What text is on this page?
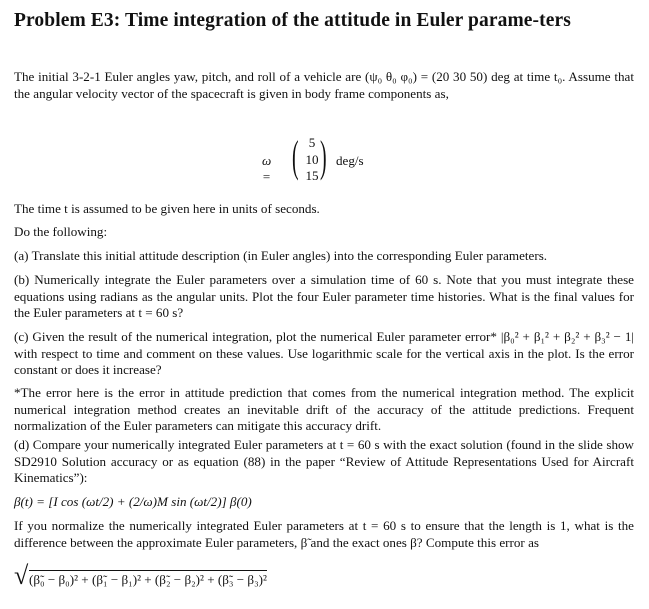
Problem E3: Time integration of the attitude in Euler parame-ters
The initial 3-2-1 Euler angles yaw, pitch, and roll of a vehicle are (ψ₀ θ₀ φ₀) = (20 30 50) deg at time t₀. Assume that the angular velocity vector of the spacecraft is given in body frame components as,
ω = ( 5
10
15 ) deg/s
The time t is assumed to be given here in units of seconds.
Do the following:
(a) Translate this initial attitude description (in Euler angles) into the corresponding Euler parameters.
(b) Numerically integrate the Euler parameters over a simulation time of 60 s. Note that you must integrate these equations using radians as the angular units. Plot the four Euler parameter time histories. What is the final values for the Euler parameters at t = 60 s?
(c) Given the result of the numerical integration, plot the numerical Euler parameter error* |β₀² + β₁² + β₂² + β₃² − 1| with respect to time and comment on these values. Use logarithmic scale for the vertical axis in the plot. Is the error constant or does it increase?
*The error here is the error in attitude prediction that comes from the numerical integration method. The explicit numerical integration method creates an inevitable drift of the accuracy of the attitude predictions. Frequent normalization of the Euler parameters can mitigate this accuracy drift.
(d) Compare your numerically integrated Euler parameters at t = 60 s with the exact solution (found in the slide show SD2910 Solution accuracy or as equation (88) in the paper “Review of Attitude Representations Used for Aircraft Kinematics”):
β(t) = [I cos (ωt/2) + (2/ω)M sin (ωt/2)] β(0)
If you normalize the numerically integrated Euler parameters at t = 60 s to ensure that the length is 1, what is the difference between the approximate Euler parameters, β̃ and the exact ones β? Compute this error as
√ (β̃₀ − β₀)² + (β̃₁ − β₁)² + (β̃₂ − β₂)² + (β̃₃ − β₃)²
